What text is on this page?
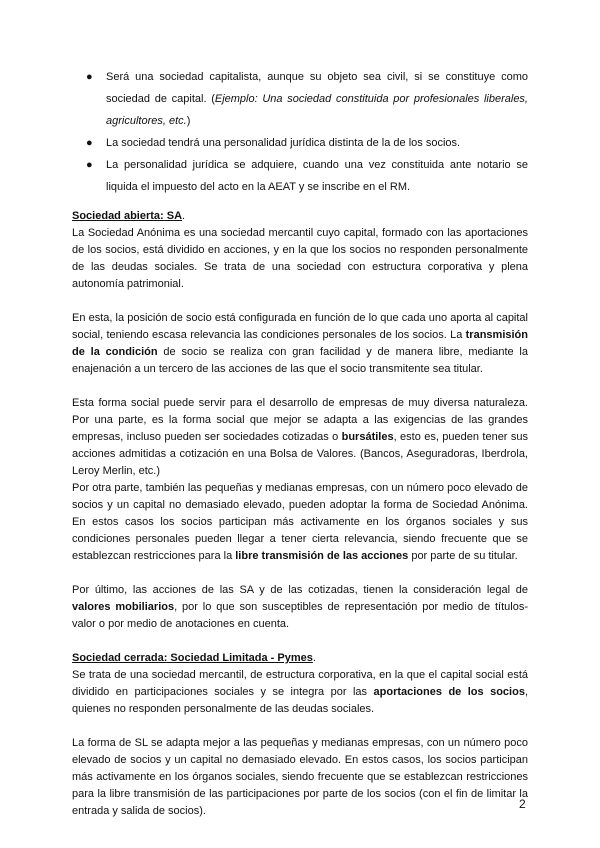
● Será una sociedad capitalista, aunque su objeto sea civil, si se constituye como sociedad de capital. (Ejemplo: Una sociedad constituida por profesionales liberales, agricultores, etc.)
● La sociedad tendrá una personalidad jurídica distinta de la de los socios.
● La personalidad jurídica se adquiere, cuando una vez constituida ante notario se liquida el impuesto del acto en la AEAT y se inscribe en el RM.
Sociedad abierta: SA.

La Sociedad Anónima es una sociedad mercantil cuyo capital, formado con las aportaciones de los socios, está dividido en acciones, y en la que los socios no responden personalmente de las deudas sociales. Se trata de una sociedad con estructura corporativa y plena autonomía patrimonial.

En esta, la posición de socio está configurada en función de lo que cada uno aporta al capital social, teniendo escasa relevancia las condiciones personales de los socios. La transmisión de la condición de socio se realiza con gran facilidad y de manera libre, mediante la enajenación a un tercero de las acciones de las que el socio transmitente sea titular.

Esta forma social puede servir para el desarrollo de empresas de muy diversa naturaleza. Por una parte, es la forma social que mejor se adapta a las exigencias de las grandes empresas, incluso pueden ser sociedades cotizadas o bursátiles, esto es, pueden tener sus acciones admitidas a cotización en una Bolsa de Valores. (Bancos, Aseguradoras, Iberdrola, Leroy Merlin, etc.)

Por otra parte, también las pequeñas y medianas empresas, con un número poco elevado de socios y un capital no demasiado elevado, pueden adoptar la forma de Sociedad Anónima. En estos casos los socios participan más activamente en los órganos sociales y sus condiciones personales pueden llegar a tener cierta relevancia, siendo frecuente que se establezcan restricciones para la libre transmisión de las acciones por parte de su titular.

Por último, las acciones de las SA y de las cotizadas, tienen la consideración legal de valores mobiliarios, por lo que son susceptibles de representación por medio de títulos-valor o por medio de anotaciones en cuenta.

Sociedad cerrada: Sociedad Limitada - Pymes.

Se trata de una sociedad mercantil, de estructura corporativa, en la que el capital social está dividido en participaciones sociales y se integra por las aportaciones de los socios, quienes no responden personalmente de las deudas sociales.

La forma de SL se adapta mejor a las pequeñas y medianas empresas, con un número poco elevado de socios y un capital no demasiado elevado. En estos casos, los socios participan más activamente en los órganos sociales, siendo frecuente que se establezcan restricciones para la libre transmisión de las participaciones por parte de los socios (con el fin de limitar la entrada y salida de socios).	2
